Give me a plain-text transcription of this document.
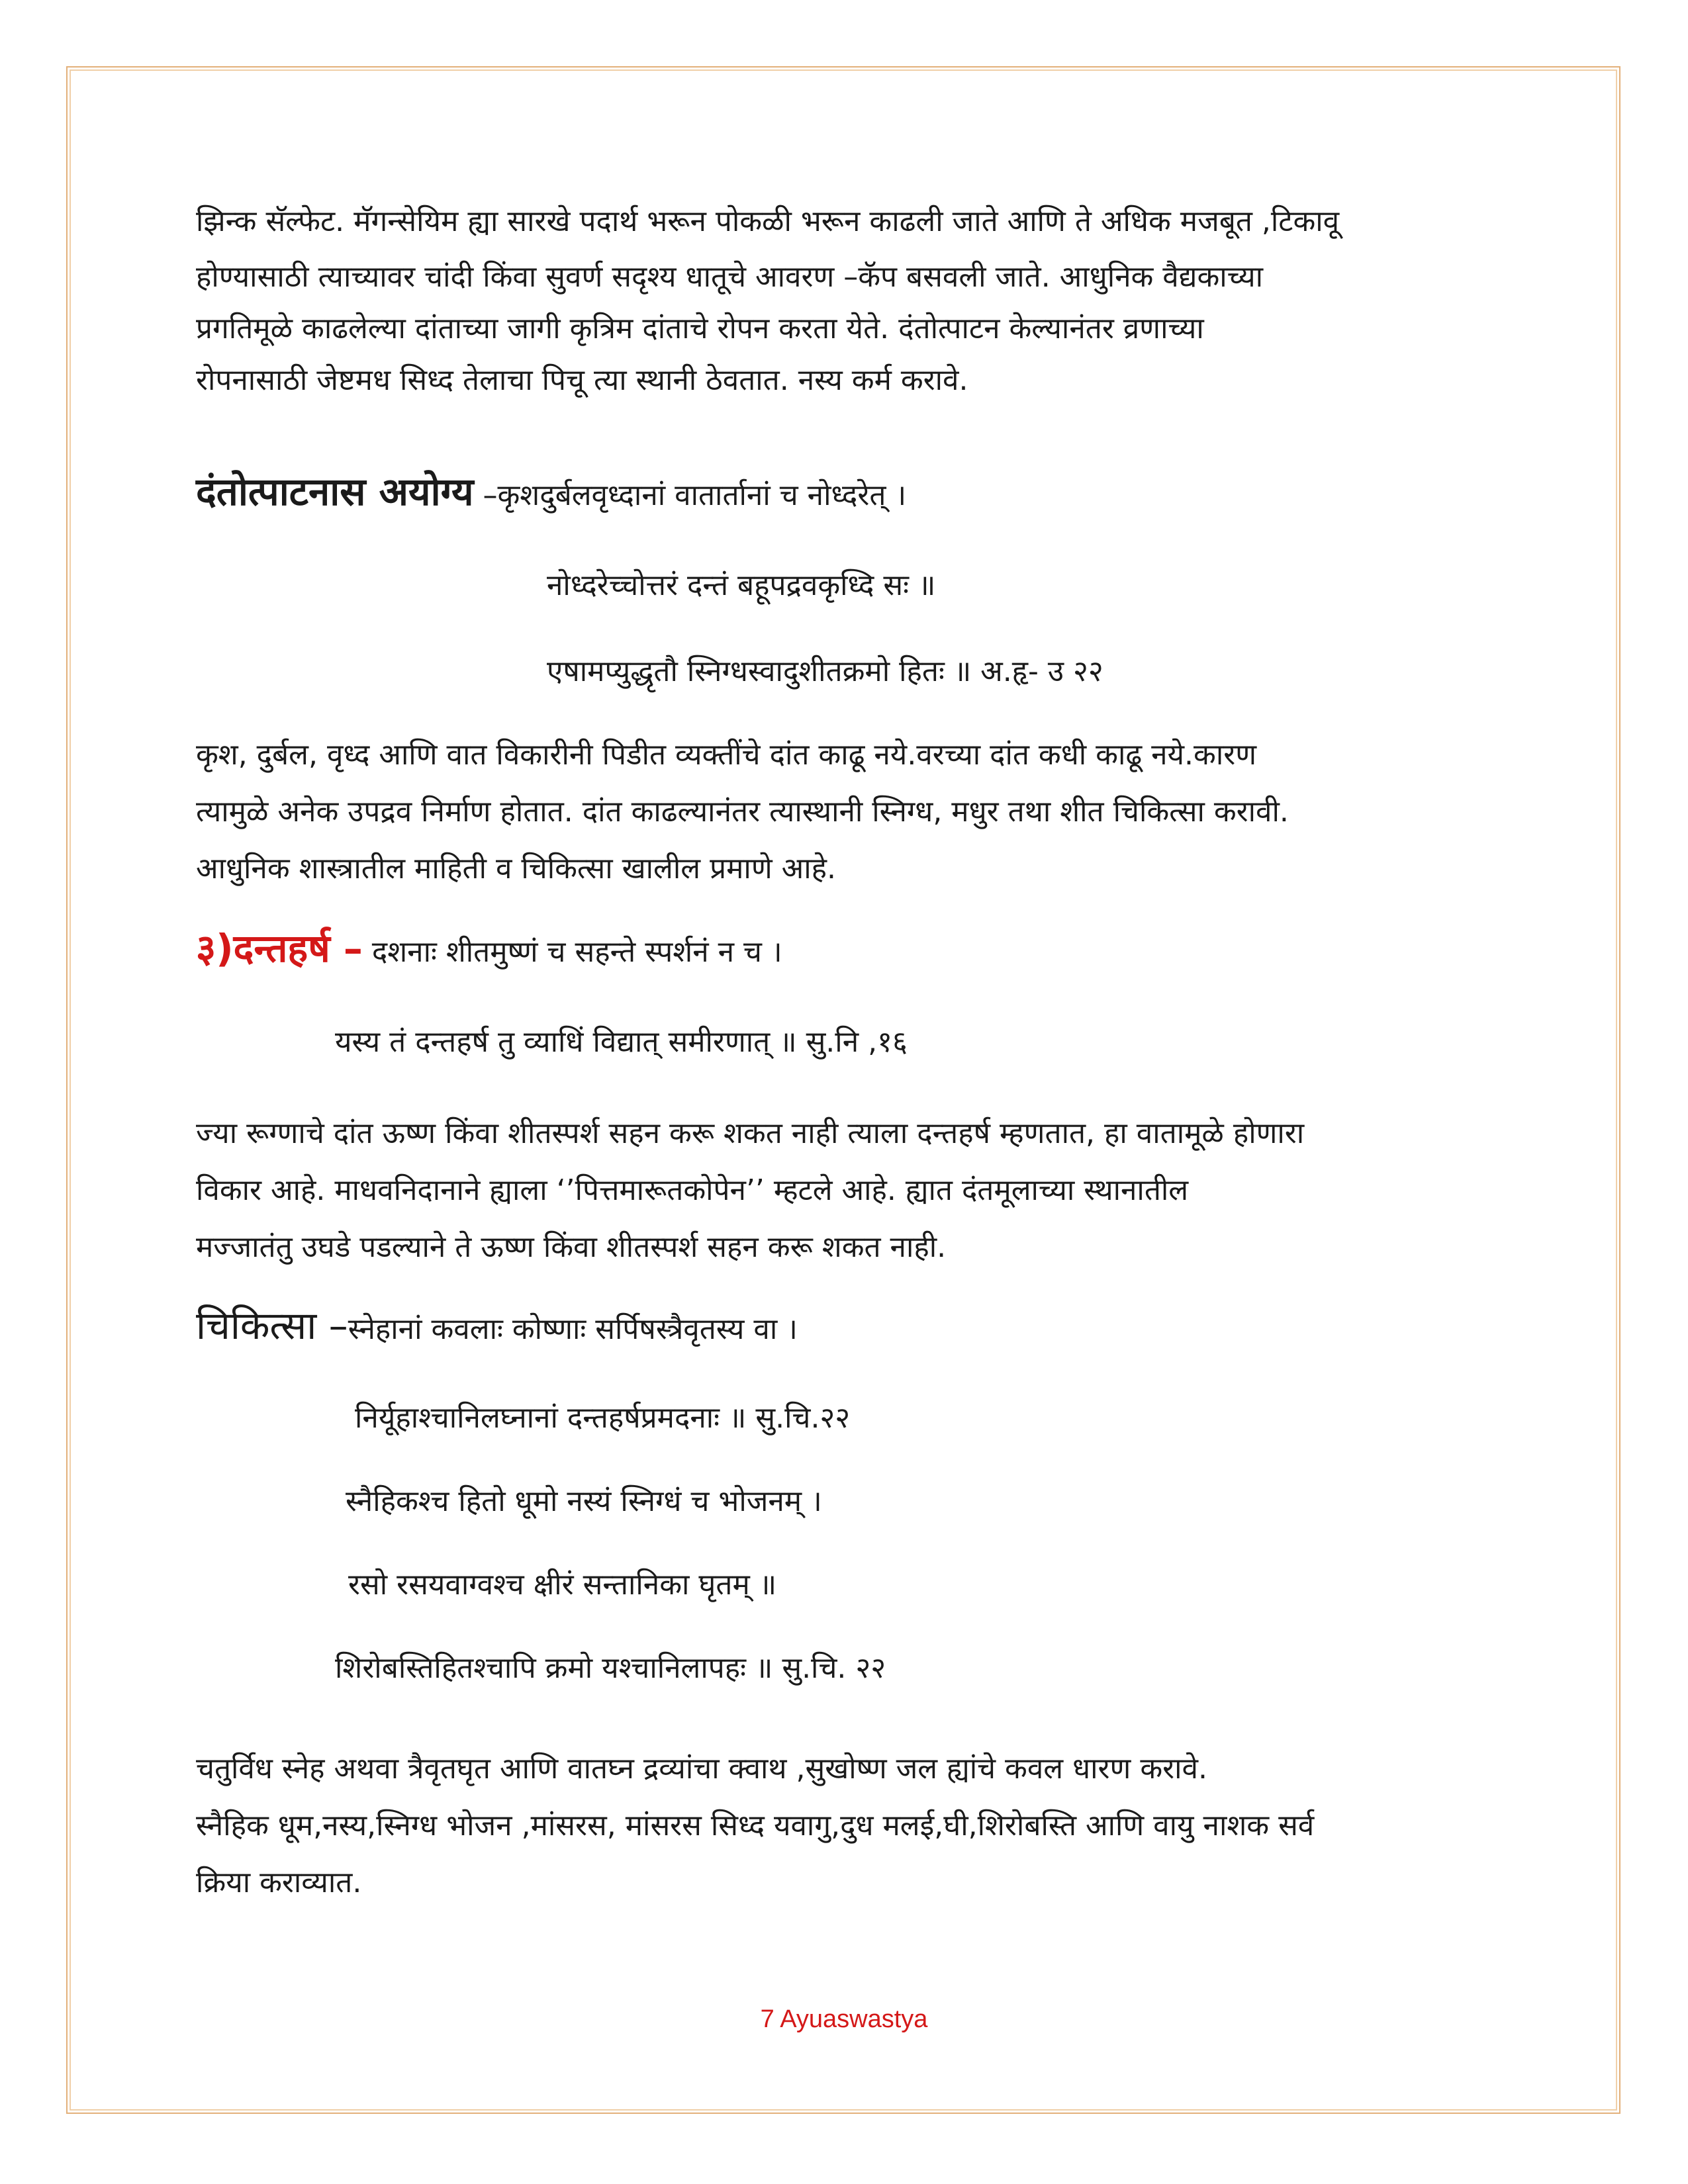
झिन्क सॅल्फेट. मॅगन्सेयिम ह्या सारखे पदार्थ भरून पोकळी भरून काढली जाते आणि ते अधिक मजबूत ,टिकावू
होण्यासाठी त्याच्यावर चांदी किंवा सुवर्ण सदृश्य धातूचे आवरण –कॅप बसवली जाते. आधुनिक वैद्यकाच्या
प्रगतिमूळे काढलेल्या दांताच्या जागी कृत्रिम दांताचे रोपन करता येते. दंतोत्पाटन केल्यानंतर व्रणाच्या
रोपनासाठी जेष्टमध सिध्द तेलाचा पिचू त्या स्थानी ठेवतात. नस्य कर्म करावे.

दंतोत्पाटनास अयोग्य –कृशदुर्बलवृध्दानां वातार्तानां च नोध्दरेत् ।

नोध्दरेच्चोत्तरं दन्तं बहूपद्रवकृध्दि सः ॥
एषामप्युद्धृतौ स्निग्धस्वादुशीतक्रमो हितः ॥ अ.हृ- उ २२

कृश, दुर्बल, वृध्द आणि वात विकारीनी पिडीत व्यक्तींचे दांत काढू नये.वरच्या दांत कधी काढू नये.कारण
त्यामुळे अनेक उपद्रव निर्माण होतात. दांत काढल्यानंतर त्यास्थानी स्निग्ध, मधुर तथा शीत चिकित्सा करावी.
आधुनिक शास्त्रातील माहिती व चिकित्सा खालील प्रमाणे आहे.

३)दन्तहर्ष – दशनाः शीतमुष्णं च सहन्ते स्पर्शनं न च ।

यस्य तं दन्तहर्ष तु व्याधिं विद्यात् समीरणात् ॥ सु.नि ,१६

ज्या रूग्णाचे दांत ऊष्ण किंवा शीतस्पर्श सहन करू शकत नाही त्याला दन्तहर्ष म्हणतात, हा वातामूळे होणारा
विकार आहे. माधवनिदानाने ह्याला ‘’पित्तमारूतकोपेन’’ म्हटले आहे. ह्यात दंतमूलाच्या स्थानातील
मज्जातंतु उघडे पडल्याने ते ऊष्ण किंवा शीतस्पर्श सहन करू शकत नाही.

चिकित्सा –स्नेहानां कवलाः कोष्णाः सर्पिषस्त्रैवृतस्य वा ।

निर्यूहाश्चानिलघ्नानां दन्तहर्षप्रमदनाः ॥ सु.चि.२२
स्नैहिकश्च हितो धूमो नस्यं स्निग्धं च भोजनम् ।
रसो रसयवाग्वश्च क्षीरं सन्तानिका घृतम् ॥
शिरोबस्तिहितश्चापि क्रमो यश्चानिलापहः ॥ सु.चि. २२

चतुर्विध स्नेह अथवा त्रैवृतघृत आणि वातघ्न द्रव्यांचा क्वाथ ,सुखोष्ण जल ह्यांचे कवल धारण करावे.
स्नैहिक धूम,नस्य,स्निग्ध भोजन ,मांसरस, मांसरस सिध्द यवागु,दुध मलई,घी,शिरोबस्ति आणि वायु नाशक सर्व
क्रिया कराव्यात.

7 Ayuaswastya
